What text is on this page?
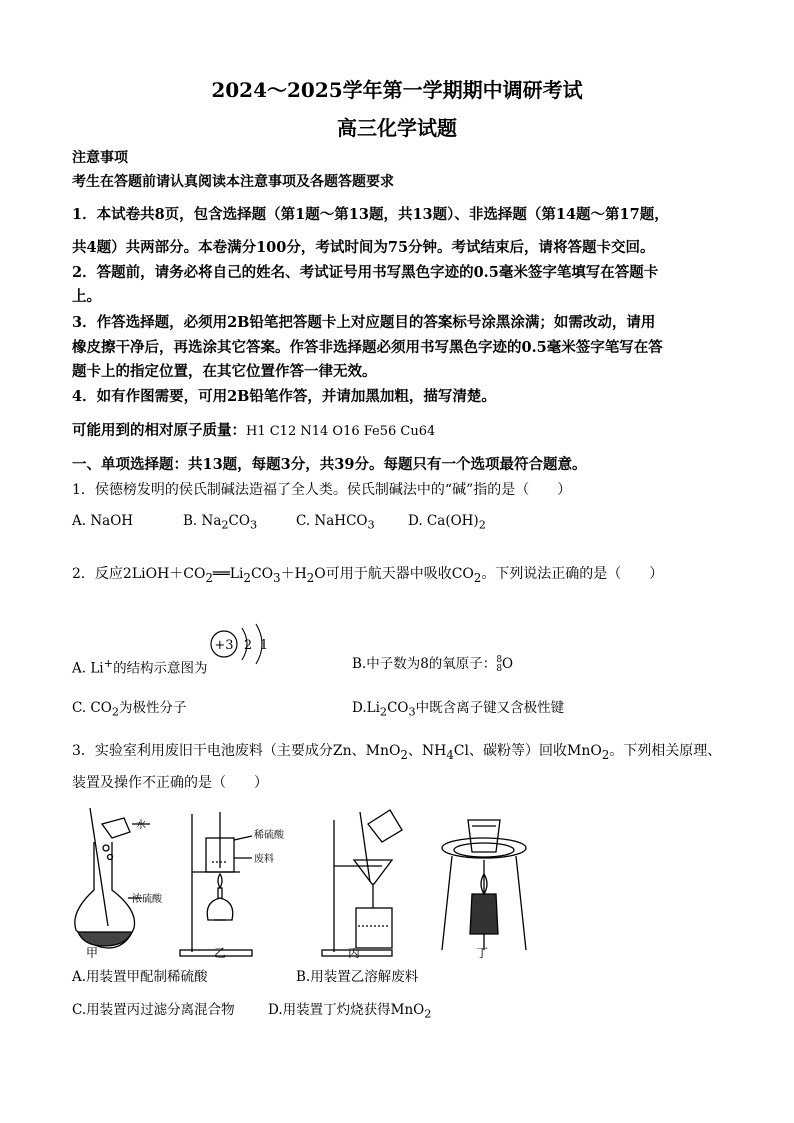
2024～2025学年第一学期期中调研考试
高三化学试题
注意事项
考生在答题前请认真阅读本注意事项及各题答题要求
1．本试卷共8页，包含选择题（第1题～第13题，共13题）、非选择题（第14题～第17题，
共4题）共两部分。本卷满分100分，考试时间为75分钟。考试结束后，请将答题卡交回。
2．答题前，请务必将自己的姓名、考试证号用书写黑色字迹的0.5毫米签字笔填写在答题卡
上。
3．作答选择题，必须用2B铅笔把答题卡上对应题目的答案标号涂黑涂满；如需改动，请用
橡皮擦干净后，再选涂其它答案。作答非选择题必须用书写黑色字迹的0.5毫米签字笔写在答
题卡上的指定位置，在其它位置作答一律无效。
4．如有作图需要，可用2B铅笔作答，并请加黑加粗，描写清楚。
可能用到的相对原子质量：H1 C12 N14 O16 Fe56 Cu64
一、单项选择题：共13题，每题3分，共39分。每题只有一个选项最符合题意。
1．侯德榜发明的侯氏制碱法造福了全人类。侯氏制碱法中的“碱”指的是（　　）
A. NaOH	B. $Na_2CO_3$	C. NaHCO$_3$ D. $Ca(OH)_2$
2．反应$2LiOH+CO_2══Li_2CO_3+H_2O$可用于航天器中吸收$CO_2$。下列说法正确的是（　　）
+3 2 1
A. Li+的结构示意图为	B.中子数为8的氧原子：8
8O
C. $CO_2$为极性分子	$D.Li_2CO_3$中既含离子键又含极性键
3．实验室利用废旧干电池废料（主要成分Zn、MnO$_2$、$NH_4Cl$、碳粉等）回收MnO$_2$。下列相关原理、
装置及操作不正确的是（　　）
水
浓硫酸
稀硫酸
废料
甲	乙	丙	丁
A.用装置甲配制稀硫酸	B.用装置乙溶解废料
C.用装置丙过滤分离混合物 D.用装置丁灼烧获得MnO$_2$
